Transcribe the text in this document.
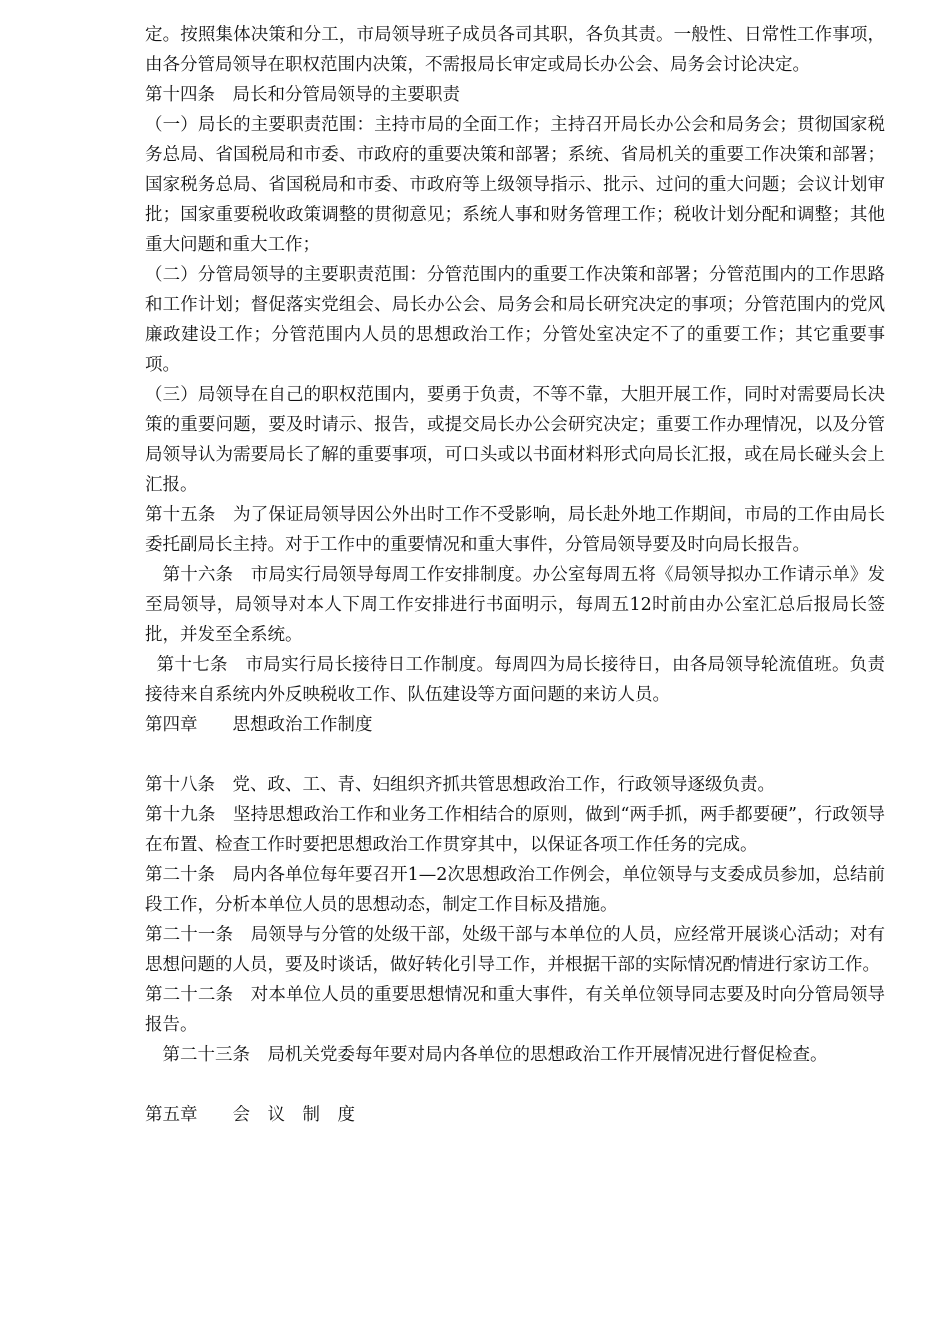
定。按照集体决策和分工，市局领导班子成员各司其职，各负其责。一般性、日常性工作事项，由各分管局领导在职权范围内决策，不需报局长审定或局长办公会、局务会讨论决定。

第十四条　局长和分管局领导的主要职责

（一）局长的主要职责范围：主持市局的全面工作；主持召开局长办公会和局务会；贯彻国家税务总局、省国税局和市委、市政府的重要决策和部署；系统、省局机关的重要工作决策和部署；国家税务总局、省国税局和市委、市政府等上级领导指示、批示、过问的重大问题；会议计划审批；国家重要税收政策调整的贯彻意见；系统人事和财务管理工作；税收计划分配和调整；其他重大问题和重大工作；

（二）分管局领导的主要职责范围：分管范围内的重要工作决策和部署；分管范围内的工作思路和工作计划；督促落实党组会、局长办公会、局务会和局长研究决定的事项；分管范围内的党风廉政建设工作；分管范围内人员的思想政治工作；分管处室决定不了的重要工作；其它重要事项。

（三）局领导在自己的职权范围内，要勇于负责，不等不靠，大胆开展工作，同时对需要局长决策的重要问题，要及时请示、报告，或提交局长办公会研究决定；重要工作办理情况，以及分管局领导认为需要局长了解的重要事项，可口头或以书面材料形式向局长汇报，或在局长碰头会上汇报。

第十五条　为了保证局领导因公外出时工作不受影响，局长赴外地工作期间，市局的工作由局长委托副局长主持。对于工作中的重要情况和重大事件，分管局领导要及时向局长报告。

　第十六条　市局实行局领导每周工作安排制度。办公室每周五将《局领导拟办工作请示单》发至局领导，局领导对本人下周工作安排进行书面明示，每周五12时前由办公室汇总后报局长签批，并发至全系统。

第十七条　市局实行局长接待日工作制度。每周四为局长接待日，由各局领导轮流值班。负责接待来自系统内外反映税收工作、队伍建设等方面问题的来访人员。

第四章　　思想政治工作制度

第十八条　党、政、工、青、妇组织齐抓共管思想政治工作，行政领导逐级负责。

第十九条　坚持思想政治工作和业务工作相结合的原则，做到“两手抓，两手都要硬”，行政领导在布置、检查工作时要把思想政治工作贯穿其中，以保证各项工作任务的完成。

第二十条　局内各单位每年要召开1—2次思想政治工作例会，单位领导与支委成员参加，总结前段工作，分析本单位人员的思想动态，制定工作目标及措施。

第二十一条　局领导与分管的处级干部，处级干部与本单位的人员，应经常开展谈心活动；对有思想问题的人员，要及时谈话，做好转化引导工作，并根据干部的实际情况酌情进行家访工作。

第二十二条　对本单位人员的重要思想情况和重大事件，有关单位领导同志要及时向分管局领导报告。

　第二十三条　局机关党委每年要对局内各单位的思想政治工作开展情况进行督促检查。

第五章　　会　议　制　度
